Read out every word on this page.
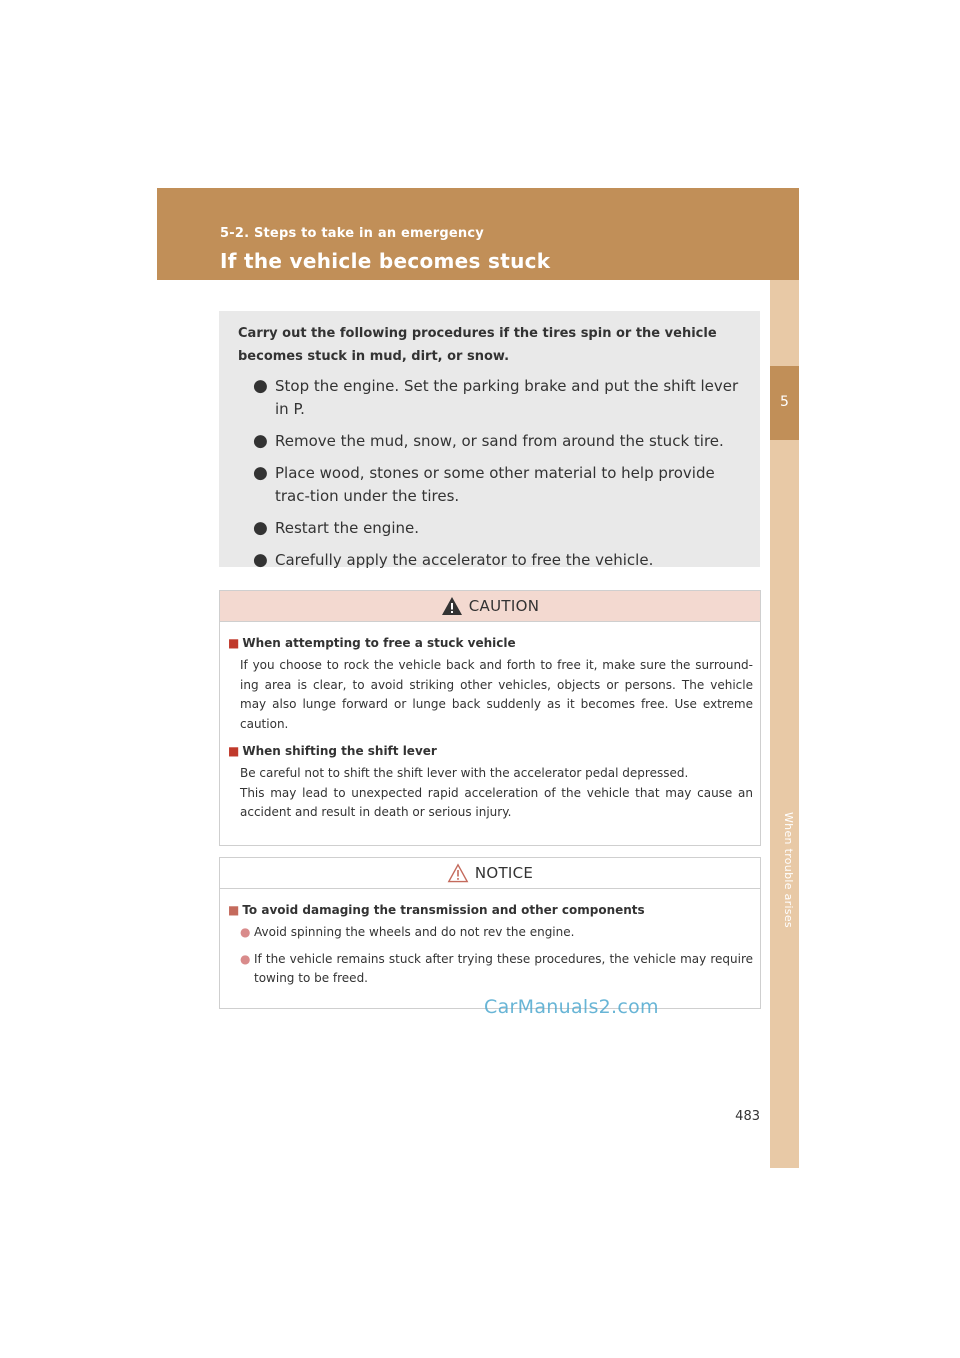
5-2. Steps to take in an emergency
If the vehicle becomes stuck
5
When trouble arises

Carry out the following procedures if the tires spin or the vehicle becomes stuck in mud, dirt, or snow.

● Stop the engine. Set the parking brake and put the shift lever in P.
● Remove the mud, snow, or sand from around the stuck tire.
● Place wood, stones or some other material to help provide trac-tion under the tires.
● Restart the engine.
● Carefully apply the accelerator to free the vehicle.
CAUTION

■ When attempting to free a stuck vehicle

If you choose to rock the vehicle back and forth to free it, make sure the surround-ing area is clear, to avoid striking other vehicles, objects or persons. The vehicle may also lunge forward or lunge back suddenly as it becomes free. Use extreme caution.

■ When shifting the shift lever

Be careful not to shift the shift lever with the accelerator pedal depressed.
This may lead to unexpected rapid acceleration of the vehicle that may cause an accident and result in death or serious injury.

NOTICE

■ To avoid damaging the transmission and other components

● Avoid spinning the wheels and do not rev the engine.
● If the vehicle remains stuck after trying these procedures, the vehicle may require towing to be freed.
CarManuals2.com
483
